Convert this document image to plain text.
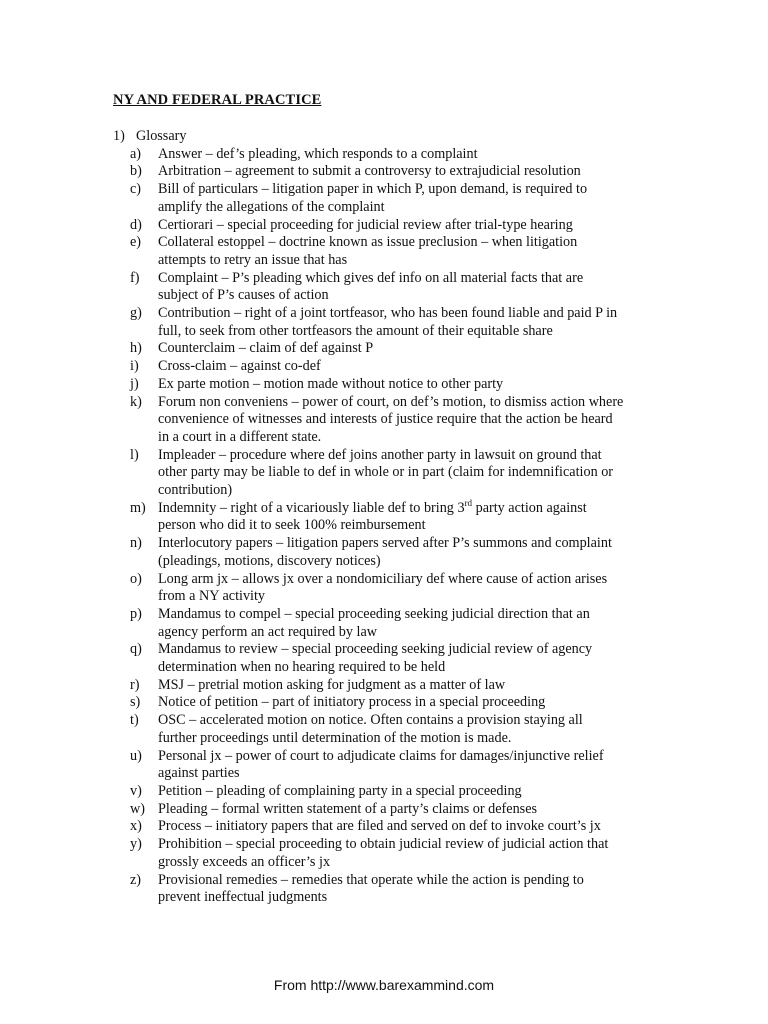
NY AND FEDERAL PRACTICE
1) Glossary
a)	Answer – def’s pleading, which responds to a complaint
b)	Arbitration – agreement to submit a controversy to extrajudicial resolution
c)	Bill of particulars – litigation paper in which P, upon demand, is required to
amplify the allegations of the complaint
d)	Certiorari – special proceeding for judicial review after trial-type hearing
e)	Collateral estoppel – doctrine known as issue preclusion – when litigation
attempts to retry an issue that has
f)	Complaint – P’s pleading which gives def info on all material facts that are
subject of P’s causes of action
g)	Contribution – right of a joint tortfeasor, who has been found liable and paid P in
full, to seek from other tortfeasors the amount of their equitable share
h)	Counterclaim – claim of def against P
i)	Cross-claim – against co-def
j)	Ex parte motion – motion made without notice to other party
k)	Forum non conveniens – power of court, on def’s motion, to dismiss action where
convenience of witnesses and interests of justice require that the action be heard
in a court in a different state.
l)	Impleader – procedure where def joins another party in lawsuit on ground that
other party may be liable to def in whole or in part (claim for indemnification or
contribution)
m) Indemnity – right of a vicariously liable def to bring 3rd party action against
person who did it to seek 100% reimbursement
n)	Interlocutory papers – litigation papers served after P’s summons and complaint
(pleadings, motions, discovery notices)
o)	Long arm jx – allows jx over a nondomiciliary def where cause of action arises
from a NY activity
p)	Mandamus to compel – special proceeding seeking judicial direction that an
agency perform an act required by law
q)	Mandamus to review – special proceeding seeking judicial review of agency
determination when no hearing required to be held
r)	MSJ – pretrial motion asking for judgment as a matter of law
s)	Notice of petition – part of initiatory process in a special proceeding
t)	OSC – accelerated motion on notice. Often contains a provision staying all
further proceedings until determination of the motion is made.
u)	Personal jx – power of court to adjudicate claims for damages/injunctive relief
against parties
v)	Petition – pleading of complaining party in a special proceeding
w) Pleading – formal written statement of a party’s claims or defenses
x)	Process – initiatory papers that are filed and served on def to invoke court’s jx
y)	Prohibition – special proceeding to obtain judicial review of judicial action that
grossly exceeds an officer’s jx
z)	Provisional remedies – remedies that operate while the action is pending to
prevent ineffectual judgments
From http://www.barexammind.com
